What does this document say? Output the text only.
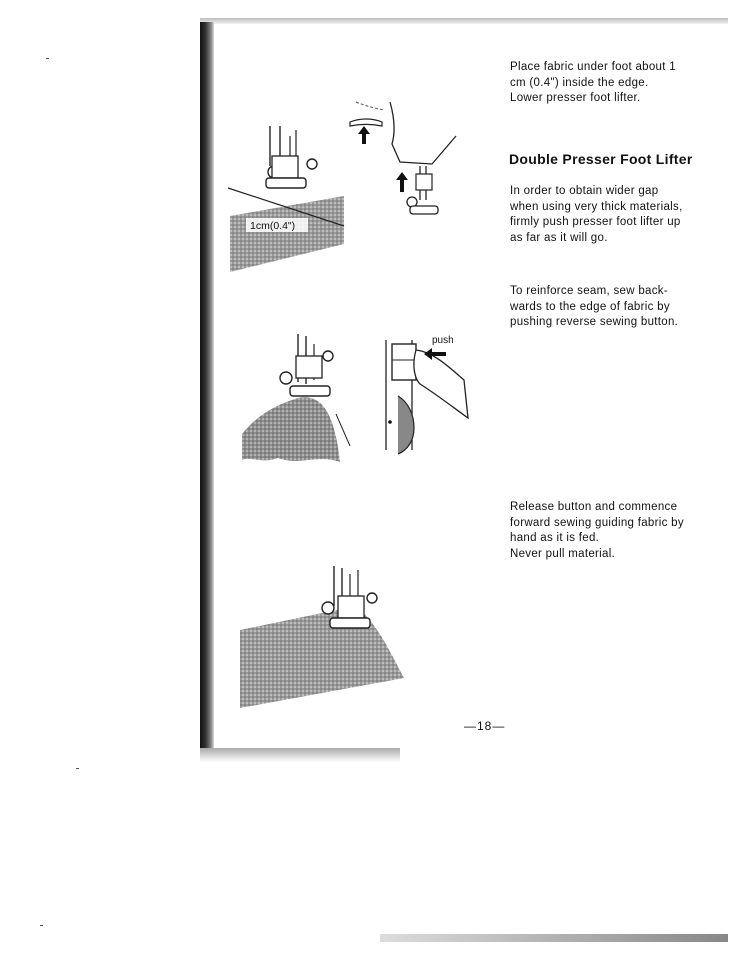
Place fabric under foot about 1

cm (0.4") inside the edge.

Lower presser foot lifter.

Double Presser Foot Lifter

In order to obtain wider gap

when using very thick materials,

firmly push presser foot lifter up

as far as it will go.

To reinforce seam, sew back-

wards to the edge of fabric by

pushing reverse sewing button.

Release button and commence

forward sewing guiding fabric by

hand as it is fed.

Never pull material.

—18—
1cm(0.4")
push
